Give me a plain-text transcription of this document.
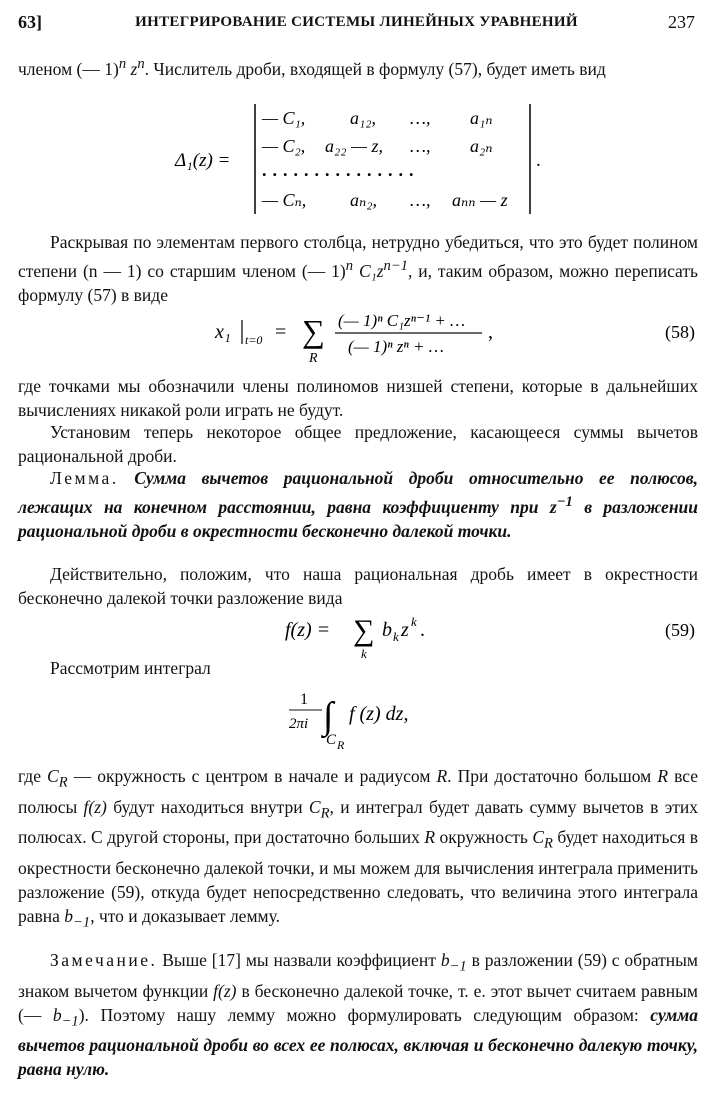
63]	ИНТЕГРИРОВАНИЕ СИСТЕМЫ ЛИНЕЙНЫХ УРАВНЕНИЙ	237

членом (— 1)$^n$ $z^n$. Числитель дроби, входящей в формулу (57), будет иметь вид

Δ₁(z) =
— C₁, a₁₂, …, a₁ₙ
— C₂, a₂₂ — z, …, a₂ₙ
...............
— Cₙ, aₙ₂, …, aₙₙ — z
.

Раскрывая по элементам первого столбца, нетрудно убедиться, что это будет полином степени (n — 1) со старшим членом (— 1)$^n$ $C_1z^{n-1}$, и, таким образом, можно переписать формулу (57) в виде

x₁ t=0 = ∑
R
(— 1)ⁿ C₁zⁿ⁻¹ + …
(— 1)ⁿ zⁿ + …
,	(58)

где точками мы обозначили члены полиномов низшей степени, которые в дальнейших вычислениях никакой роли играть не будут.

Установим теперь некоторое общее предложение, касающееся суммы вычетов рациональной дроби.

Лемма. Сумма вычетов рациональной дроби относительно ее полюсов, лежащих на конечном расстоянии, равна коэффициенту при $z^{-1}$ в разложении рациональной дроби в окрестности бесконечно далекой точки.

Действительно, положим, что наша рациональная дробь имеет в окрестности бесконечно далекой точки разложение вида

f(z) = ∑
k
b k z k .	(59)

Рассмотрим интеграл

1
2πi ∫
C R
f (z) dz,

где $C_R$ — окружность с центром в начале и радиусом R. При достаточно большом R все полюсы f(z) будут находиться внутри $C_R$, и интеграл будет давать сумму вычетов в этих полюсах. С другой стороны, при достаточно больших R окружность $C_R$ будет находиться в окрестности бесконечно далекой точки, и мы можем для вычисления интеграла применить разложение (59), откуда будет непосредственно следовать, что величина этого интеграла равна $b_{-1}$, что и доказывает лемму.

Замечание. Выше [17] мы назвали коэффициент $b_{-1}$ в разложении (59) с обратным знаком вычетом функции f(z) в бесконечно далекой точке, т. е. этот вычет считаем равным (— $b_{-1}$). Поэтому нашу лемму можно формулировать следующим образом: сумма вычетов рациональной дроби во всех ее полюсах, включая и бесконечно далекую точку, равна нулю.
